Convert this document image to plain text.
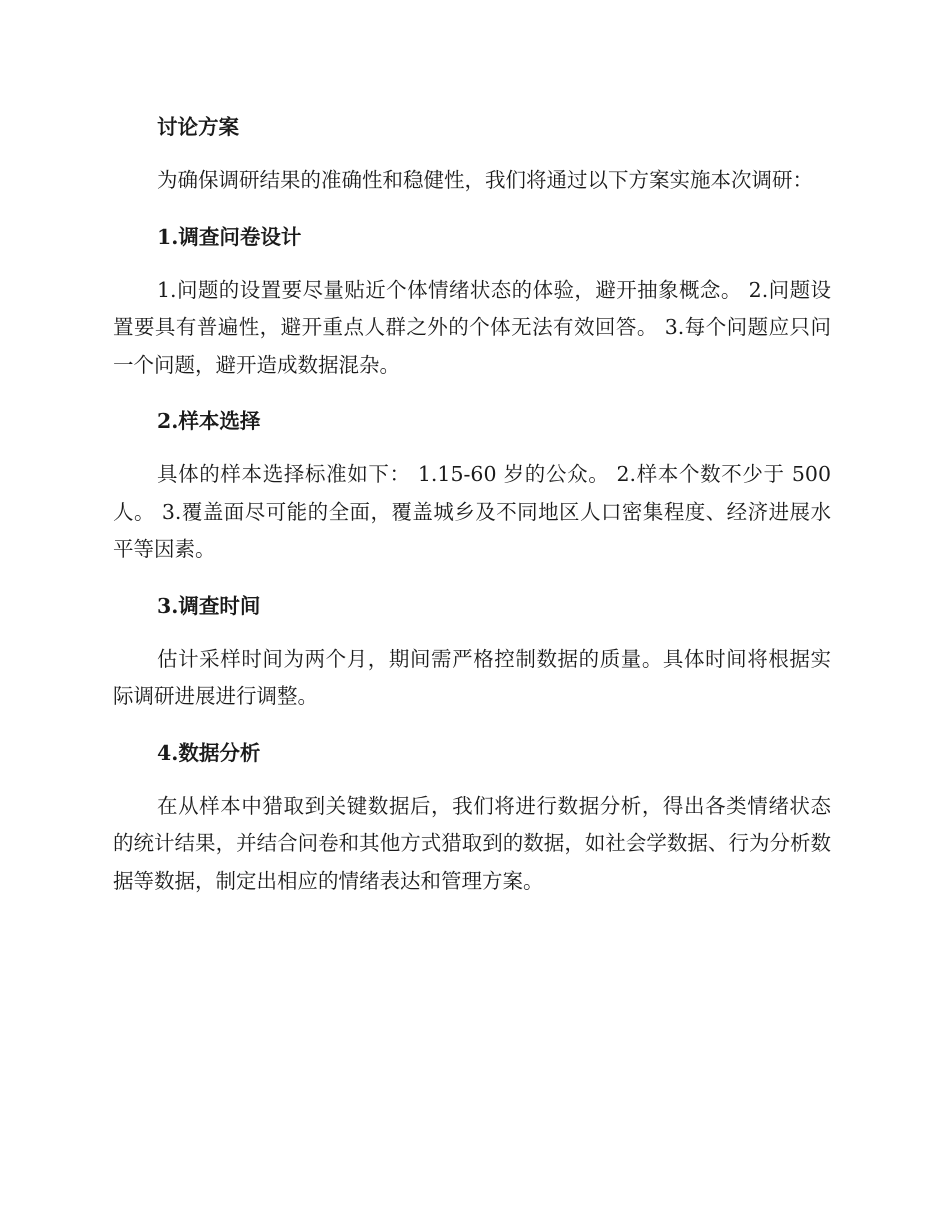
讨论方案

为确保调研结果的准确性和稳健性，我们将通过以下方案实施本次调研：

1.调查问卷设计

1.问题的设置要尽量贴近个体情绪状态的体验，避开抽象概念。 2.问题设置要具有普遍性，避开重点人群之外的个体无法有效回答。 3.每个问题应只问一个问题，避开造成数据混杂。

2.样本选择

具体的样本选择标准如下： 1.15-60 岁的公众。 2.样本个数不少于 500 人。 3.覆盖面尽可能的全面，覆盖城乡及不同地区人口密集程度、经济进展水平等因素。

3.调查时间

估计采样时间为两个月，期间需严格控制数据的质量。具体时间将根据实际调研进展进行调整。

4.数据分析

在从样本中猎取到关键数据后，我们将进行数据分析，得出各类情绪状态的统计结果，并结合问卷和其他方式猎取到的数据，如社会学数据、行为分析数据等数据，制定出相应的情绪表达和管理方案。
